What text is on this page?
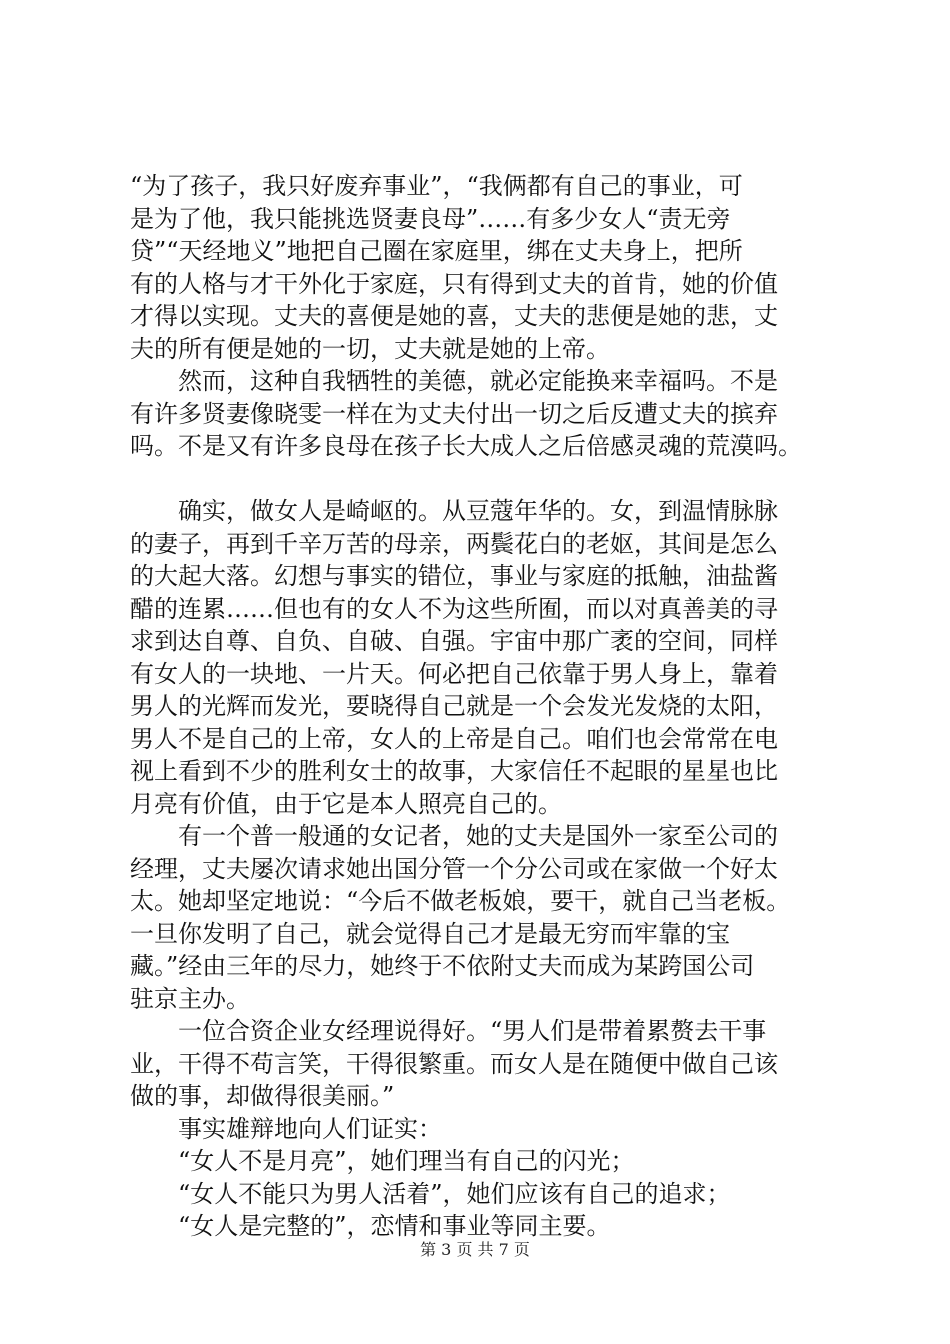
“为了孩子，我只好废弃事业”，“我俩都有自己的事业，可
是为了他，我只能挑选贤妻良母”……有多少女人“责无旁
贷”“天经地义”地把自己圈在家庭里，绑在丈夫身上，把所
有的人格与才干外化于家庭，只有得到丈夫的首肯，她的价值
才得以实现。丈夫的喜便是她的喜，丈夫的悲便是她的悲，丈
夫的所有便是她的一切，丈夫就是她的上帝。
然而，这种自我牺牲的美德，就必定能换来幸福吗。不是
有许多贤妻像晓雯一样在为丈夫付出一切之后反遭丈夫的摈弃
吗。不是又有许多良母在孩子长大成人之后倍感灵魂的荒漠吗。
确实，做女人是崎岖的。从豆蔻年华的。女，到温情脉脉
的妻子，再到千辛万苦的母亲，两鬓花白的老妪，其间是怎么
的大起大落。幻想与事实的错位，事业与家庭的抵触，油盐酱
醋的连累……但也有的女人不为这些所囿，而以对真善美的寻
求到达自尊、自负、自破、自强。宇宙中那广袤的空间，同样
有女人的一块地、一片天。何必把自己依靠于男人身上，靠着
男人的光辉而发光，要晓得自己就是一个会发光发烧的太阳，
男人不是自己的上帝，女人的上帝是自己。咱们也会常常在电
视上看到不少的胜利女士的故事，大家信任不起眼的星星也比
月亮有价值，由于它是本人照亮自己的。
有一个普一般通的女记者，她的丈夫是国外一家至公司的
经理，丈夫屡次请求她出国分管一个分公司或在家做一个好太
太。她却坚定地说：“今后不做老板娘，要干，就自己当老板。
一旦你发明了自己，就会觉得自己才是最无穷而牢靠的宝
藏。”经由三年的尽力，她终于不依附丈夫而成为某跨国公司
驻京主办。
一位合资企业女经理说得好。“男人们是带着累赘去干事
业，干得不苟言笑，干得很繁重。而女人是在随便中做自己该
做的事，却做得很美丽。”
事实雄辩地向人们证实：
“女人不是月亮”，她们理当有自己的闪光；
“女人不能只为男人活着”，她们应该有自己的追求；
“女人是完整的”，恋情和事业等同主要。
第 3 页 共 7 页
